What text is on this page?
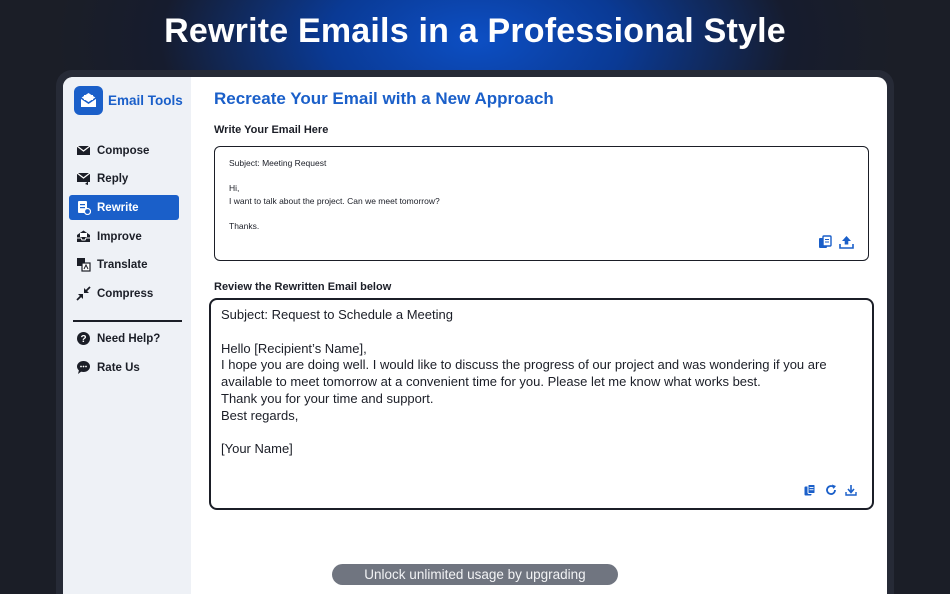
Rewrite Emails in a Professional Style
Email Tools
Compose
Reply
Rewrite
Improve
Translate
Compress
? Need Help?
Rate Us
Recreate Your Email with a New Approach
Write Your Email Here
Subject: Meeting Request
Hi,
I want to talk about the project. Can we meet tomorrow?
Thanks.
Review the Rewritten Email below
Subject: Request to Schedule a Meeting
Hello [Recipient’s Name],
I hope you are doing well. I would like to discuss the progress of our project and was wondering if you are available to meet tomorrow at a convenient time for you. Please let me know what works best.
Thank you for your time and support.
Best regards,
[Your Name]
Unlock unlimited usage by upgrading
